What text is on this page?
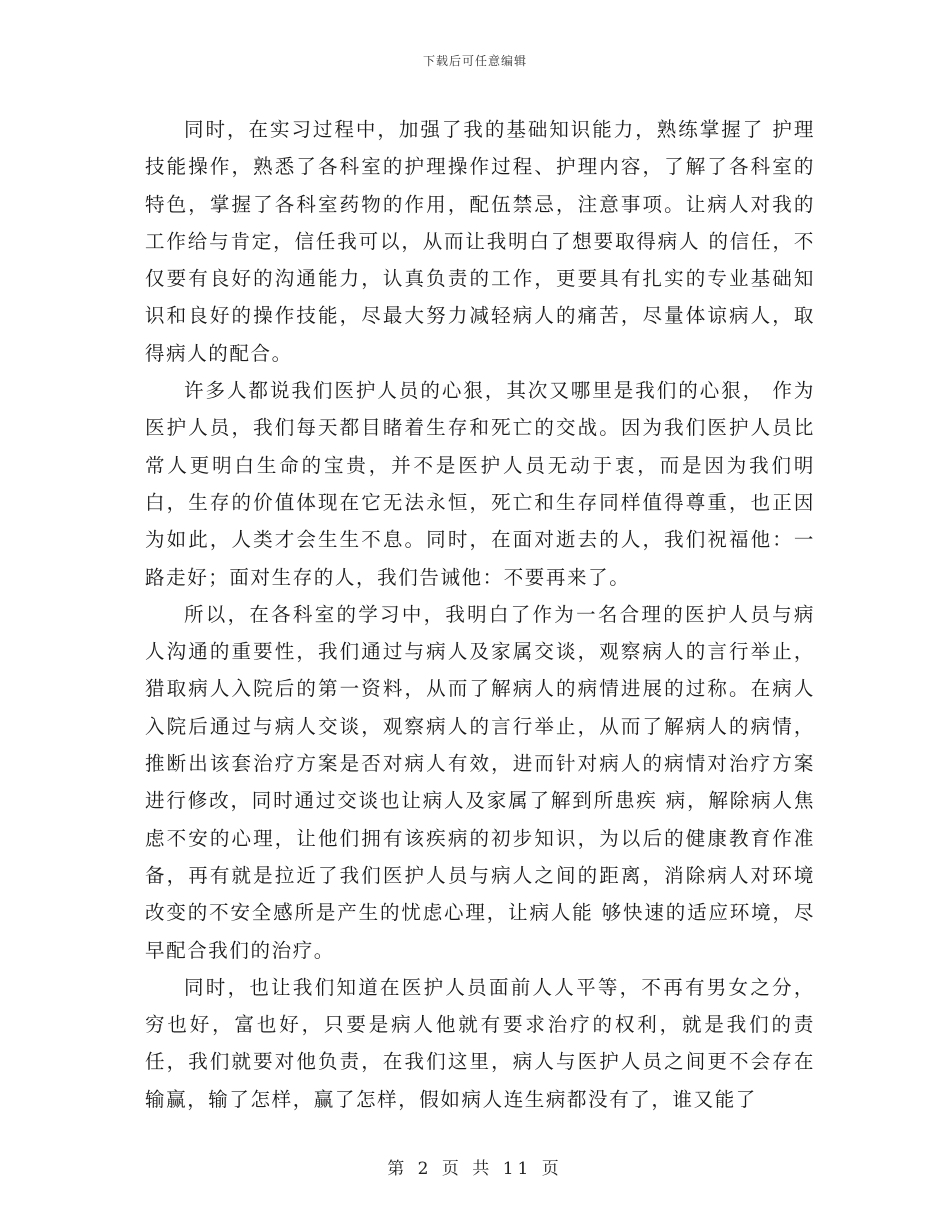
下载后可任意编辑

同时，在实习过程中，加强了我的基础知识能力，熟练掌握了 护理技能操作，熟悉了各科室的护理操作过程、护理内容，了解了各科室的特色，掌握了各科室药物的作用，配伍禁忌，注意事项。让病人对我的工作给与肯定，信任我可以，从而让我明白了想要取得病人 的信任，不仅要有良好的沟通能力，认真负责的工作，更要具有扎实的专业基础知识和良好的操作技能，尽最大努力减轻病人的痛苦，尽量体谅病人，取得病人的配合。

许多人都说我们医护人员的心狠，其次又哪里是我们的心狠， 作为医护人员，我们每天都目睹着生存和死亡的交战。因为我们医护人员比常人更明白生命的宝贵，并不是医护人员无动于衷，而是因为我们明白，生存的价值体现在它无法永恒，死亡和生存同样值得尊重，也正因为如此，人类才会生生不息。同时，在面对逝去的人，我们祝福他：一路走好；面对生存的人，我们告诫他：不要再来了。

所以，在各科室的学习中，我明白了作为一名合理的医护人员与病人沟通的重要性，我们通过与病人及家属交谈，观察病人的言行举止，猎取病人入院后的第一资料，从而了解病人的病情进展的过称。在病人入院后通过与病人交谈，观察病人的言行举止，从而了解病人的病情，推断出该套治疗方案是否对病人有效，进而针对病人的病情对治疗方案进行修改，同时通过交谈也让病人及家属了解到所患疾 病，解除病人焦虑不安的心理，让他们拥有该疾病的初步知识，为以后的健康教育作准备，再有就是拉近了我们医护人员与病人之间的距离，消除病人对环境改变的不安全感所是产生的忧虑心理，让病人能 够快速的适应环境，尽早配合我们的治疗。

同时，也让我们知道在医护人员面前人人平等，不再有男女之分，穷也好，富也好，只要是病人他就有要求治疗的权利，就是我们的责任，我们就要对他负责，在我们这里，病人与医护人员之间更不会存在输赢，输了怎样，赢了怎样，假如病人连生病都没有了，谁又能了

第 2 页 共 11 页
